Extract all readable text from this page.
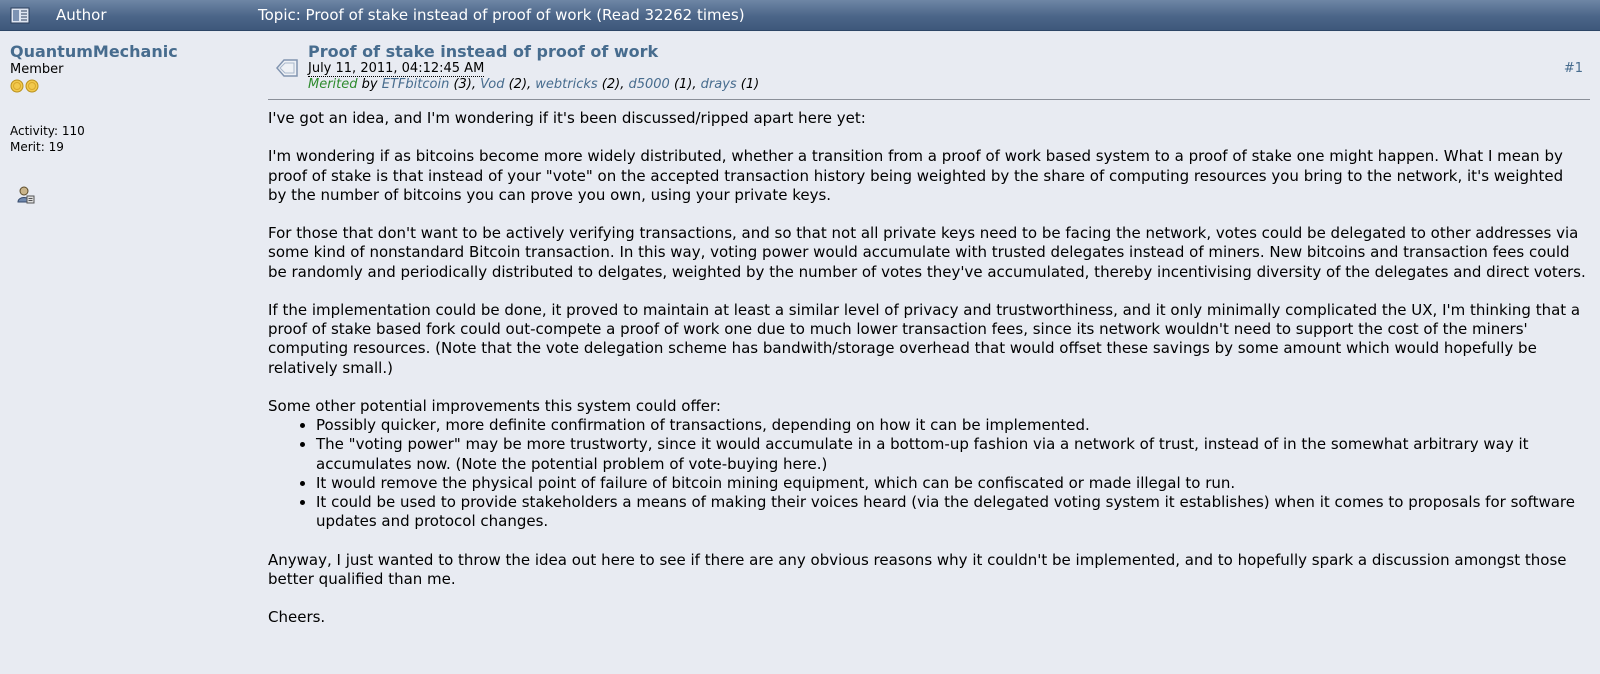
Author	Topic: Proof of stake instead of proof of work (Read 32262 times)
QuantumMechanic
Member
Activity: 110
Merit: 19
Proof of stake instead of proof of work
July 11, 2011, 04:12:45 AM
Merited by ETFbitcoin (3), Vod (2), webtricks (2), d5000 (1), drays (1)
#1

I've got an idea, and I'm wondering if it's been discussed/ripped apart here yet:

I'm wondering if as bitcoins become more widely distributed, whether a transition from a proof of work based system to a proof of stake one might happen. What I mean by proof of stake is that instead of your "vote" on the accepted transaction history being weighted by the share of computing resources you bring to the network, it's weighted by the number of bitcoins you can prove you own, using your private keys.

For those that don't want to be actively verifying transactions, and so that not all private keys need to be facing the network, votes could be delegated to other addresses via some kind of nonstandard Bitcoin transaction. In this way, voting power would accumulate with trusted delegates instead of miners. New bitcoins and transaction fees could be randomly and periodically distributed to delgates, weighted by the number of votes they've accumulated, thereby incentivising diversity of the delegates and direct voters.

If the implementation could be done, it proved to maintain at least a similar level of privacy and trustworthiness, and it only minimally complicated the UX, I'm thinking that a proof of stake based fork could out-compete a proof of work one due to much lower transaction fees, since its network wouldn't need to support the cost of the miners' computing resources. (Note that the vote delegation scheme has bandwith/storage overhead that would offset these savings by some amount which would hopefully be relatively small.)

Some other potential improvements this system could offer:

• Possibly quicker, more definite confirmation of transactions, depending on how it can be implemented.
• The "voting power" may be more trustworty, since it would accumulate in a bottom-up fashion via a network of trust, instead of in the somewhat arbitrary way it accumulates now. (Note the potential problem of vote-buying here.)
• It would remove the physical point of failure of bitcoin mining equipment, which can be confiscated or made illegal to run.
• It could be used to provide stakeholders a means of making their voices heard (via the delegated voting system it establishes) when it comes to proposals for software updates and protocol changes.

Anyway, I just wanted to throw the idea out here to see if there are any obvious reasons why it couldn't be implemented, and to hopefully spark a discussion amongst those better qualified than me.

Cheers.
